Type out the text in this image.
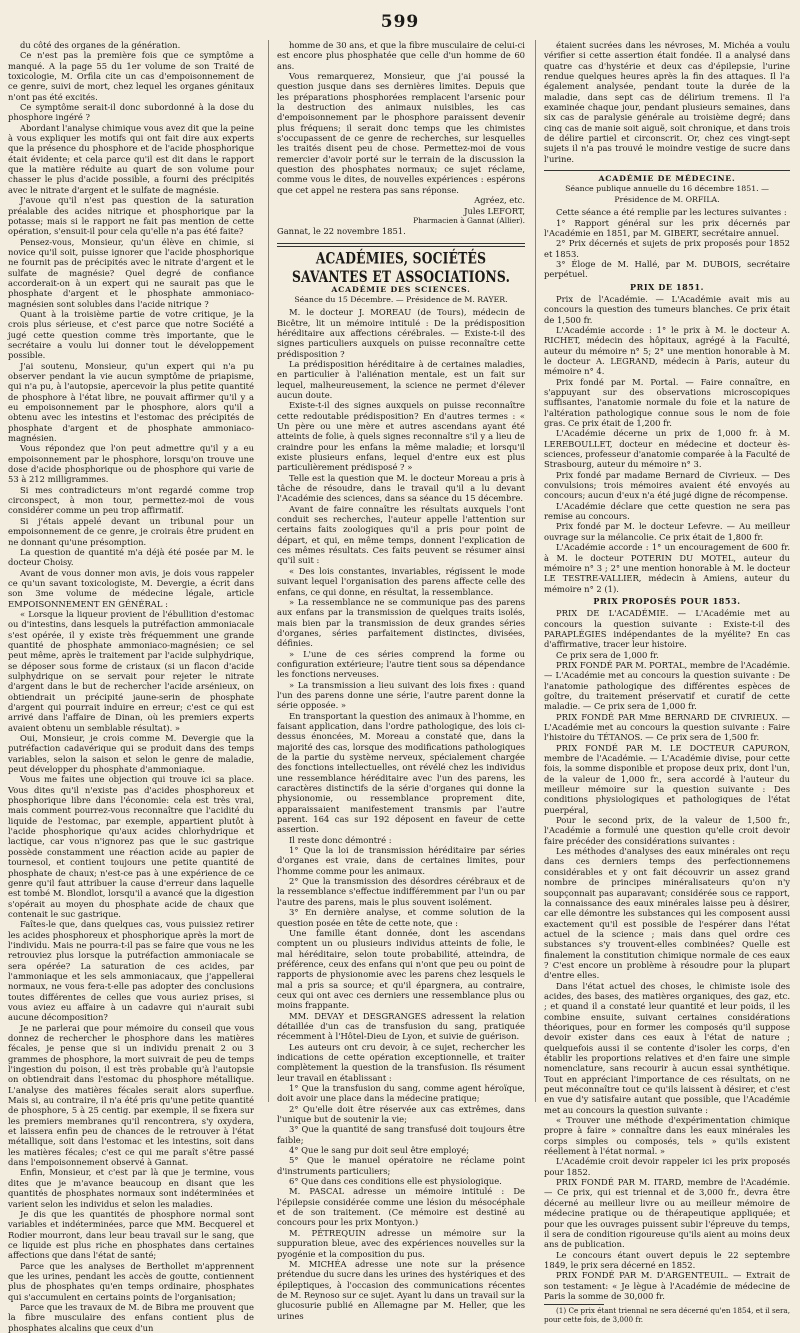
599

du côté des organes de la génération.

Ce n'est pas la première fois que ce symptôme a manqué. A la page 55 du 1er volume de son Traité de toxicologie, M. Orfila cite un cas d'empoisonnement de ce genre, suivi de mort, chez lequel les organes génitaux n'ont pas été excités.

Ce symptôme serait-il donc subordonné à la dose du phosphore ingéré ?

Abordant l'analyse chimique vous avez dit que la peine à vous expliquer les motifs qui ont fait dire aux experts que la présence du phosphore et de l'acide phosphorique était évidente; et cela parce qu'il est dit dans le rapport que la matière réduite au quart de son volume pour chasser le plus d'acide possible, a fourni des précipités avec le nitrate d'argent et le sulfate de magnésie.

J'avoue qu'il n'est pas question de la saturation préalable des acides nitrique et phosphorique par la potasse; mais si le rapport ne fait pas mention de cette opération, s'ensuit-il pour cela qu'elle n'a pas été faite?

Pensez-vous, Monsieur, qu'un élève en chimie, si novice qu'il soit, puisse ignorer que l'acide phosphorique ne fournit pas de précipités avec le nitrate d'argent et le sulfate de magnésie? Quel degré de confiance accorderait-on à un expert qui ne saurait pas que le phosphate d'argent et le phosphate ammoniaco-magnésien sont solubles dans l'acide nitrique ?

Quant à la troisième partie de votre critique, je la crois plus sérieuse, et c'est parce que notre Société a jugé cette question comme très importante, que le secrétaire a voulu lui donner tout le développement possible.

J'ai soutenu, Monsieur, qu'un expert qui n'a pu observer pendant la vie aucun symptôme de priapisme, qui n'a pu, à l'autopsie, apercevoir la plus petite quantité de phosphore à l'état libre, ne pouvait affirmer qu'il y a eu empoisonnement par le phosphore, alors qu'il a obtenu avec les intestins et l'estomac des précipités de phosphate d'argent et de phosphate ammoniaco-magnésien.

Vous répondez que l'on peut admettre qu'il y a eu empoisonnement par le phosphore, lorsqu'on trouve une dose d'acide phosphorique ou de phosphore qui varie de 53 à 212 milligrammes.

Si mes contradicteurs m'ont regardé comme trop circonspect, à mon tour, permettez-moi de vous considérer comme un peu trop affirmatif.

Si j'étais appelé devant un tribunal pour un empoisonnement de ce genre, je croirais être prudent en ne donnant qu'une présomption.

La question de quantité m'a déjà été posée par M. le docteur Choisy.

Avant de vous donner mon avis, je dois vous rappeler ce qu'un savant toxicologiste, M. Devergie, a écrit dans son 3me volume de médecine légale, article EMPOISONNEMENT EN GÉNÉRAL :

« Lorsque la liqueur provient de l'ébullition d'estomac ou d'intestins, dans lesquels la putréfaction ammoniacale s'est opérée, il y existe très fréquemment une grande quantité de phosphate ammoniaco-magnésien; ce sel peut même, après le traitement par l'acide sulphydrique, se déposer sous forme de cristaux (si un flacon d'acide sulphydrique on se servait pour rejeter le nitrate d'argent dans le but de rechercher l'acide arsénieux, on obtiendrait un précipité jaune-serin de phosphate d'argent qui pourrait induire en erreur; c'est ce qui est arrivé dans l'affaire de Dinan, où les premiers experts avaient obtenu un semblable résultat). »

Oui, Monsieur, je crois comme M. Devergie que la putréfaction cadavérique qui se produit dans des temps variables, selon la saison et selon le genre de maladie, peut développer du phosphate d'ammoniaque.

Vous me faites une objection qui trouve ici sa place. Vous dites qu'il n'existe pas d'acides phosphoreux et phosphorique libre dans l'économie: cela est très vrai, mais comment pourrez-vous reconnaître que l'acidité du liquide de l'estomac, par exemple, appartient plutôt à l'acide phosphorique qu'aux acides chlorhydrique et lactique, car vous n'ignorez pas que le suc gastrique possède constamment une réaction acide au papier de tournesol, et contient toujours une petite quantité de phosphate de chaux; n'est-ce pas à une expérience de ce genre qu'il faut attribuer la cause d'erreur dans laquelle est tombé M. Blondlot, lorsqu'il a avancé que la digestion s'opérait au moyen du phosphate acide de chaux que contenait le suc gastrique.

Faîtes-le que, dans quelques cas, vous puissiez retirer les acides phosphoreux et phosphorique après la mort de l'individu. Mais ne pourra-t-il pas se faire que vous ne les retrouviez plus lorsque la putréfaction ammoniacale se sera opérée? La saturation de ces acides, par l'ammoniaque et les sels ammoniacaux, que j'appellerai normaux, ne vous fera-t-elle pas adopter des conclusions toutes différentes de celles que vous auriez prises, si vous aviez eu affaire à un cadavre qui n'aurait subi aucune décomposition?

Je ne parlerai que pour mémoire du conseil que vous donnez de rechercher le phosphore dans les matières fécales, je pense que si un individu prenait 2 ou 3 grammes de phosphore, la mort suivrait de peu de temps l'ingestion du poison, il est très probable qu'à l'autopsie on obtiendrait dans l'estomac du phosphore métallique. L'analyse des matières fécales serait alors superflue. Mais si, au contraire, il n'a été pris qu'une petite quantité de phosphore, 5 à 25 centig. par exemple, il se fixera sur les premiers membranes qu'il rencontrera, s'y oxydera, et laissera enfin peu de chances de le retrouver à l'état métallique, soit dans l'estomac et les intestins, soit dans les matières fécales; c'est ce qui me paraît s'être passé dans l'empoisonnement observé à Gannat.

Enfin, Monsieur, et c'est par là que je termine, vous dites que je m'avance beaucoup en disant que les quantités de phosphates normaux sont indéterminées et varient selon les individus et selon les maladies.

Je dis que les quantités de phosphore normal sont variables et indéterminées, parce que MM. Becquerel et Rodier mourront, dans leur beau travail sur le sang, que ce liquide est plus riche en phosphates dans certaines affections que dans l'état de santé;

Parce que les analyses de Berthollet m'apprennent que les urines, pendant les accès de goutte, contiennent plus de phosphates qu'en temps ordinaire, phosphates qui s'accumulent en certains points de l'organisation;

Parce que les travaux de M. de Bibra me prouvent que la fibre musculaire des enfans contient plus de phosphates alcalins que ceux d'un

homme de 30 ans, et que la fibre musculaire de celui-ci est encore plus phosphatée que celle d'un homme de 60 ans.

Vous remarquerez, Monsieur, que j'ai poussé la question jusque dans ses dernières limites. Depuis que les préparations phosphorées remplacent l'arsenic pour la destruction des animaux nuisibles, les cas d'empoisonnement par le phosphore paraissent devenir plus fréquens; il serait donc temps que les chimistes s'occupassent de ce genre de recherches, sur lesquelles les traités disent peu de chose. Permettez-moi de vous remercier d'avoir porté sur le terrain de la discussion la question des phosphates normaux; ce sujet réclame, comme vous le dites, de nouvelles expériences : espérons que cet appel ne restera pas sans réponse.

Agréez, etc.

Jules LEFORT,

Pharmacien à Gannat (Allier).

Gannat, le 22 novembre 1851.

ACADÉMIES, SOCIÉTÉS SAVANTES ET ASSOCIATIONS.
ACADÉMIE DES SCIENCES.
Séance du 15 Décembre. — Présidence de M. RAYER.

M. le docteur J. MOREAU (de Tours), médecin de Bicêtre, lit un mémoire intitulé : De la prédisposition héréditaire aux affections cérébrales. — Existe-t-il des signes particuliers auxquels on puisse reconnaître cette prédisposition ?

La prédisposition héréditaire à de certaines maladies, en particulier à l'aliénation mentale, est un fait sur lequel, malheureusement, la science ne permet d'élever aucun doute.

Existe-t-il des signes auxquels on puisse reconnaître cette redoutable prédisposition? En d'autres termes : « Un père ou une mère et autres ascendans ayant été atteints de folie, à quels signes reconnaître s'il y a lieu de craindre pour les enfans la même maladie; et lorsqu'il existe plusieurs enfans, lequel d'entre eux est plus particulièrement prédisposé ? »

Telle est la question que M. le docteur Moreau a pris à tâche de résoudre, dans le travail qu'il a lu devant l'Académie des sciences, dans sa séance du 15 décembre.

Avant de faire connaître les résultats auxquels l'ont conduit ses recherches, l'auteur appelle l'attention sur certains faits zoologiques qu'il a pris pour point de départ, et qui, en même temps, donnent l'explication de ces mêmes résultats. Ces faits peuvent se résumer ainsi qu'il suit :

« Des lois constantes, invariables, régissent le mode suivant lequel l'organisation des parens affecte celle des enfans, ce qui donne, en résultat, la ressemblance.

» La ressemblance ne se communique pas des parens aux enfans par la transmission de quelques traits isolés, mais bien par la transmission de deux grandes séries d'organes, séries parfaitement distinctes, divisées, définies.

» L'une de ces séries comprend la forme ou configuration extérieure; l'autre tient sous sa dépendance les fonctions nerveuses.

» La transmission a lieu suivant des lois fixes : quand l'un des parens donne une série, l'autre parent donne la série opposée. »

En transportant la question des animaux à l'homme, en faisant application, dans l'ordre pathologique, des lois ci-dessus énoncées, M. Moreau a constaté que, dans la majorité des cas, lorsque des modifications pathologiques de la partie du système nerveux, spécialement chargée des fonctions intellectuelles, ont révélé chez les individus une ressemblance héréditaire avec l'un des parens, les caractères distinctifs de la série d'organes qui donne la physionomie, ou ressemblance proprement dite, apparaissaient manifestement transmis par l'autre parent. 164 cas sur 192 déposent en faveur de cette assertion.

Il reste donc démontré :

1° Que la loi de transmission héréditaire par séries d'organes est vraie, dans de certaines limites, pour l'homme comme pour les animaux.

2° Que la transmission des désordres cérébraux et de la ressemblance s'effectue indifféremment par l'un ou par l'autre des parens, mais le plus souvent isolément.

3° En dernière analyse, et comme solution de la question posée en tête de cette note, que :

Une famille étant donnée, dont les ascendans comptent un ou plusieurs individus atteints de folie, le mal héréditaire, selon toute probabilité, atteindra, de préférence, ceux des enfans qui n'ont que peu ou point de rapports de physionomie avec les parens chez lesquels le mal a pris sa source; et qu'il épargnera, au contraire, ceux qui ont avec ces derniers une ressemblance plus ou moins frappante.

MM. DEVAY et DESGRANGES adressent la relation détaillée d'un cas de transfusion du sang, pratiquée récemment à l'Hôtel-Dieu de Lyon, et suivie de guérison.

Les auteurs ont cru devoir, à ce sujet, rechercher les indications de cette opération exceptionnelle, et traiter complètement la question de la transfusion. Ils résument leur travail en établissant :

1° Que la transfusion du sang, comme agent héroïque, doit avoir une place dans la médecine pratique;

2° Qu'elle doit être réservée aux cas extrêmes, dans l'unique but de soutenir la vie;

3° Que la quantité de sang transfusé doit toujours être faible;

4° Que le sang pur doit seul être employé;

5° Que le manuel opératoire ne réclame point d'instruments particuliers;

6° Que dans ces conditions elle est physiologique.

M. PASCAL adresse un mémoire intitulé : De l'épilepsie considérée comme une lésion du mésocéphale et de son traitement. (Ce mémoire est destiné au concours pour les prix Montyon.)

M. PÉTREQUIN adresse un mémoire sur la suppuration bleue, avec des expériences nouvelles sur la pyogénie et la composition du pus.

M. MICHÉA adresse une note sur la présence prétendue du sucre dans les urines des hystériques et des épileptiques, à l'occasion des communications récentes de M. Reynoso sur ce sujet. Ayant lu dans un travail sur la glucosurie publié en Allemagne par M. Heller, que les urines

étaient sucrées dans les névroses, M. Michéa a voulu vérifier si cette assertion était fondée. Il a analysé dans quatre cas d'hystérie et deux cas d'épilepsie, l'urine rendue quelques heures après la fin des attaques. Il l'a également analysée, pendant toute la durée de la maladie, dans sept cas de délirium tremens. Il l'a examinée chaque jour, pendant plusieurs semaines, dans six cas de paralysie générale au troisième degré; dans cinq cas de manie soit aiguë, soit chronique, et dans trois de délire partiel et circonscrit. Or, chez ces vingt-sept sujets il n'a pas trouvé le moindre vestige de sucre dans l'urine.

ACADÉMIE DE MÉDECINE.
Séance publique annuelle du 16 décembre 1851. — Présidence de M. ORFILA.

Cette séance a été remplie par les lectures suivantes :

1° Rapport général sur les prix décernés par l'Académie en 1851, par M. GIBERT, secrétaire annuel.

2° Prix décernés et sujets de prix proposés pour 1852 et 1853.

3° Éloge de M. Hallé, par M. DUBOIS, secrétaire perpétuel.

PRIX DE 1851.

Prix de l'Académie. — L'Académie avait mis au concours la question des tumeurs blanches. Ce prix était de 1,500 fr.

L'Académie accorde : 1° le prix à M. le docteur A. RICHET, médecin des hôpitaux, agrégé à la Faculté, auteur du mémoire n° 5; 2° une mention honorable à M. le docteur A. LEGRAND, médecin à Paris, auteur du mémoire n° 4.

Prix fondé par M. Portal. — Faire connaître, en s'appuyant sur des observations microscopiques suffisantes, l'anatomie normale du foie et la nature de l'altération pathologique connue sous le nom de foie gras. Ce prix était de 1,200 fr.

L'Académie décerne un prix de 1,000 fr. à M. LEREBOULLET, docteur en médecine et docteur ès-sciences, professeur d'anatomie comparée à la Faculté de Strasbourg, auteur du mémoire n° 3.

Prix fondé par madame Bernard de Civrieux. — Des convulsions; trois mémoires avaient été envoyés au concours; aucun d'eux n'a été jugé digne de récompense.

L'Académie déclare que cette question ne sera pas remise au concours.

Prix fondé par M. le docteur Lefevre. — Au meilleur ouvrage sur la mélancolie. Ce prix était de 1,800 fr.

L'Académie accorde : 1° un encouragement de 600 fr. à M. le docteur POTERIN DU MOTEL, auteur du mémoire n° 3 ; 2° une mention honorable à M. le docteur LE TESTRE-VALLIER, médecin à Amiens, auteur du mémoire n° 2 (1).

PRIX PROPOSÉS POUR 1853.

PRIX DE L'ACADÉMIE. — L'Académie met au concours la question suivante : Existe-t-il des PARAPLÉGIES indépendantes de la myélite? En cas d'affirmative, tracer leur histoire.

Ce prix sera de 1,000 fr.

PRIX FONDÉ PAR M. PORTAL, membre de l'Académie. — L'Académie met au concours la question suivante : De l'anatomie pathologique des différentes espèces de goître, du traitement préservatif et curatif de cette maladie. — Ce prix sera de 1,000 fr.

PRIX FONDÉ PAR Mme BERNARD DE CIVRIEUX. — L'Académie met au concours la question suivante : Faire l'histoire du TÉTANOS. — Ce prix sera de 1,500 fr.

PRIX FONDÉ PAR M. LE DOCTEUR CAPURON, membre de l'Académie. — L'Académie divise, pour cette fois, la somme disponible et propose deux prix, dont l'un, de la valeur de 1,000 fr., sera accordé à l'auteur du meilleur mémoire sur la question suivante : Des conditions physiologiques et pathologiques de l'état puerpéral,

Pour le second prix, de la valeur de 1,500 fr., l'Académie a formulé une question qu'elle croit devoir faire précéder des considérations suivantes :

Les méthodes d'analyses des eaux minérales ont reçu dans ces derniers temps des perfectionnemens considérables et y ont fait découvrir un assez grand nombre de principes minéralisateurs qu'on n'y soupçonnait pas auparavant; considérée sous ce rapport, la connaissance des eaux minérales laisse peu à désirer, car elle démontre les substances qui les composent aussi exactement qu'il est possible de l'espérer dans l'état actuel de la science ; mais dans quel ordre ces substances s'y trouvent-elles combinées? Quelle est finalement la constitution chimique normale de ces eaux ? C'est encore un problème à résoudre pour la plupart d'entre elles.

Dans l'état actuel des choses, le chimiste isole des acides, des bases, des matières organiques, des gaz, etc. ; et quand il a constaté leur quantité et leur poids, il les combine ensuite, suivant certaines considérations théoriques, pour en former les composés qu'il suppose devoir exister dans ces eaux à l'état de nature ; quelquefois aussi il se contente d'isoler les corps, d'en établir les proportions relatives et d'en faire une simple nomenclature, sans recourir à aucun essai synthétique. Tout en appréciant l'importance de ces résultats, on ne peut méconnaître tout ce qu'ils laissent à désirer, et c'est en vue d'y satisfaire autant que possible, que l'Académie met au concours la question suivante :

« Trouver une méthode d'expérimentation chimique propre à faire » connaître dans les eaux minérales les corps simples ou composés, tels » qu'ils existent réellement à l'état normal. »

L'Académie croit devoir rappeler ici les prix proposés pour 1852.

PRIX FONDÉ PAR M. ITARD, membre de l'Académie. — Ce prix, qui est triennal et de 3,000 fr., devra être décerné au meilleur livre ou au meilleur mémoire de médecine pratique ou de thérapeutique appliquée; et pour que les ouvrages puissent subir l'épreuve du temps, il sera de condition rigoureuse qu'ils aient au moins deux ans de publication.

Le concours étant ouvert depuis le 22 septembre 1849, le prix sera décerné en 1852.

PRIX FONDÉ PAR M. D'ARGENTEUIL. — Extrait de son testament: « Je lègue à l'Académie de médecine de Paris la somme de 30,000 fr.

(1) Ce prix étant triennal ne sera décerné qu'en 1854, et il sera, pour cette fois, de 3,000 fr.
